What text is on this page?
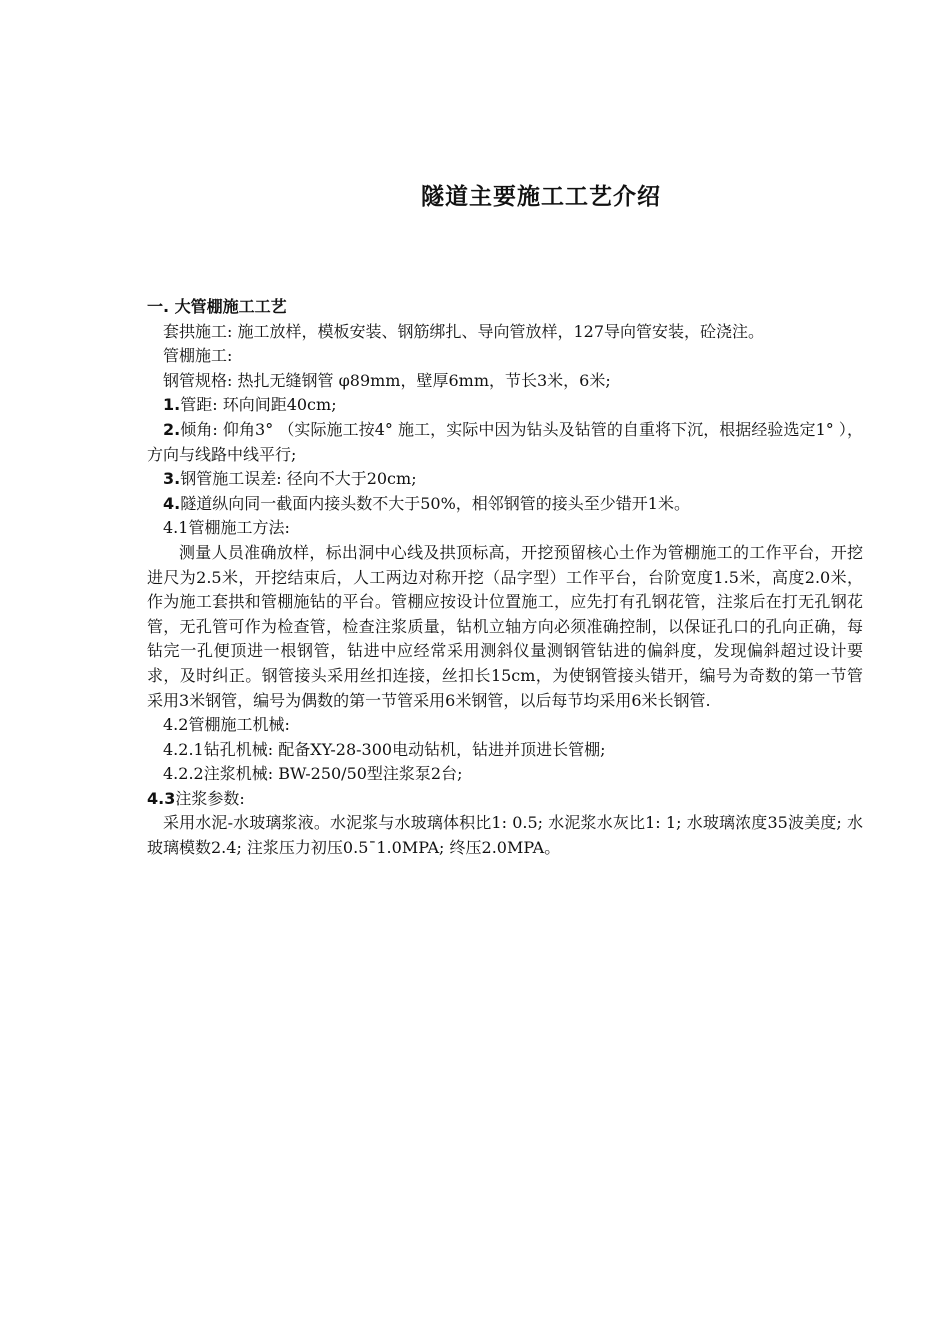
隧道主要施工工艺介绍

一. 大管棚施工工艺

套拱施工: 施工放样，模板安装、钢筋绑扎、导向管放样，127导向管安装，砼浇注。

管棚施工:

钢管规格: 热扎无缝钢管 φ89mm，壁厚6mm，节长3米，6米;

1.管距: 环向间距40cm;

2.倾角: 仰角3° （实际施工按4° 施工，实际中因为钻头及钻管的自重将下沉，根据经验选定1° ），方向与线路中线平行;

3.钢管施工误差: 径向不大于20cm;

4.隧道纵向同一截面内接头数不大于50%，相邻钢管的接头至少错开1米。

4.1管棚施工方法:

测量人员准确放样，标出洞中心线及拱顶标高，开挖预留核心土作为管棚施工的工作平台，开挖进尺为2.5米，开挖结束后，人工两边对称开挖（品字型）工作平台，台阶宽度1.5米，高度2.0米，作为施工套拱和管棚施钻的平台。管棚应按设计位置施工，应先打有孔钢花管，注浆后在打无孔钢花管，无孔管可作为检查管，检查注浆质量，钻机立轴方向必须准确控制，以保证孔口的孔向正确，每钻完一孔便顶进一根钢管，钻进中应经常采用测斜仪量测钢管钻进的偏斜度，发现偏斜超过设计要求，及时纠正。钢管接头采用丝扣连接，丝扣长15cm，为使钢管接头错开，编号为奇数的第一节管采用3米钢管，编号为偶数的第一节管采用6米钢管，以后每节均采用6米长钢管.

4.2管棚施工机械:

4.2.1钻孔机械: 配备XY-28-300电动钻机，钻进并顶进长管棚;

4.2.2注浆机械: BW-250/50型注浆泵2台;

4.3注浆参数:

采用水泥-水玻璃浆液。水泥浆与水玻璃体积比1: 0.5; 水泥浆水灰比1: 1; 水玻璃浓度35波美度; 水玻璃模数2.4; 注浆压力初压0.5¯1.0MPA; 终压2.0MPA。
